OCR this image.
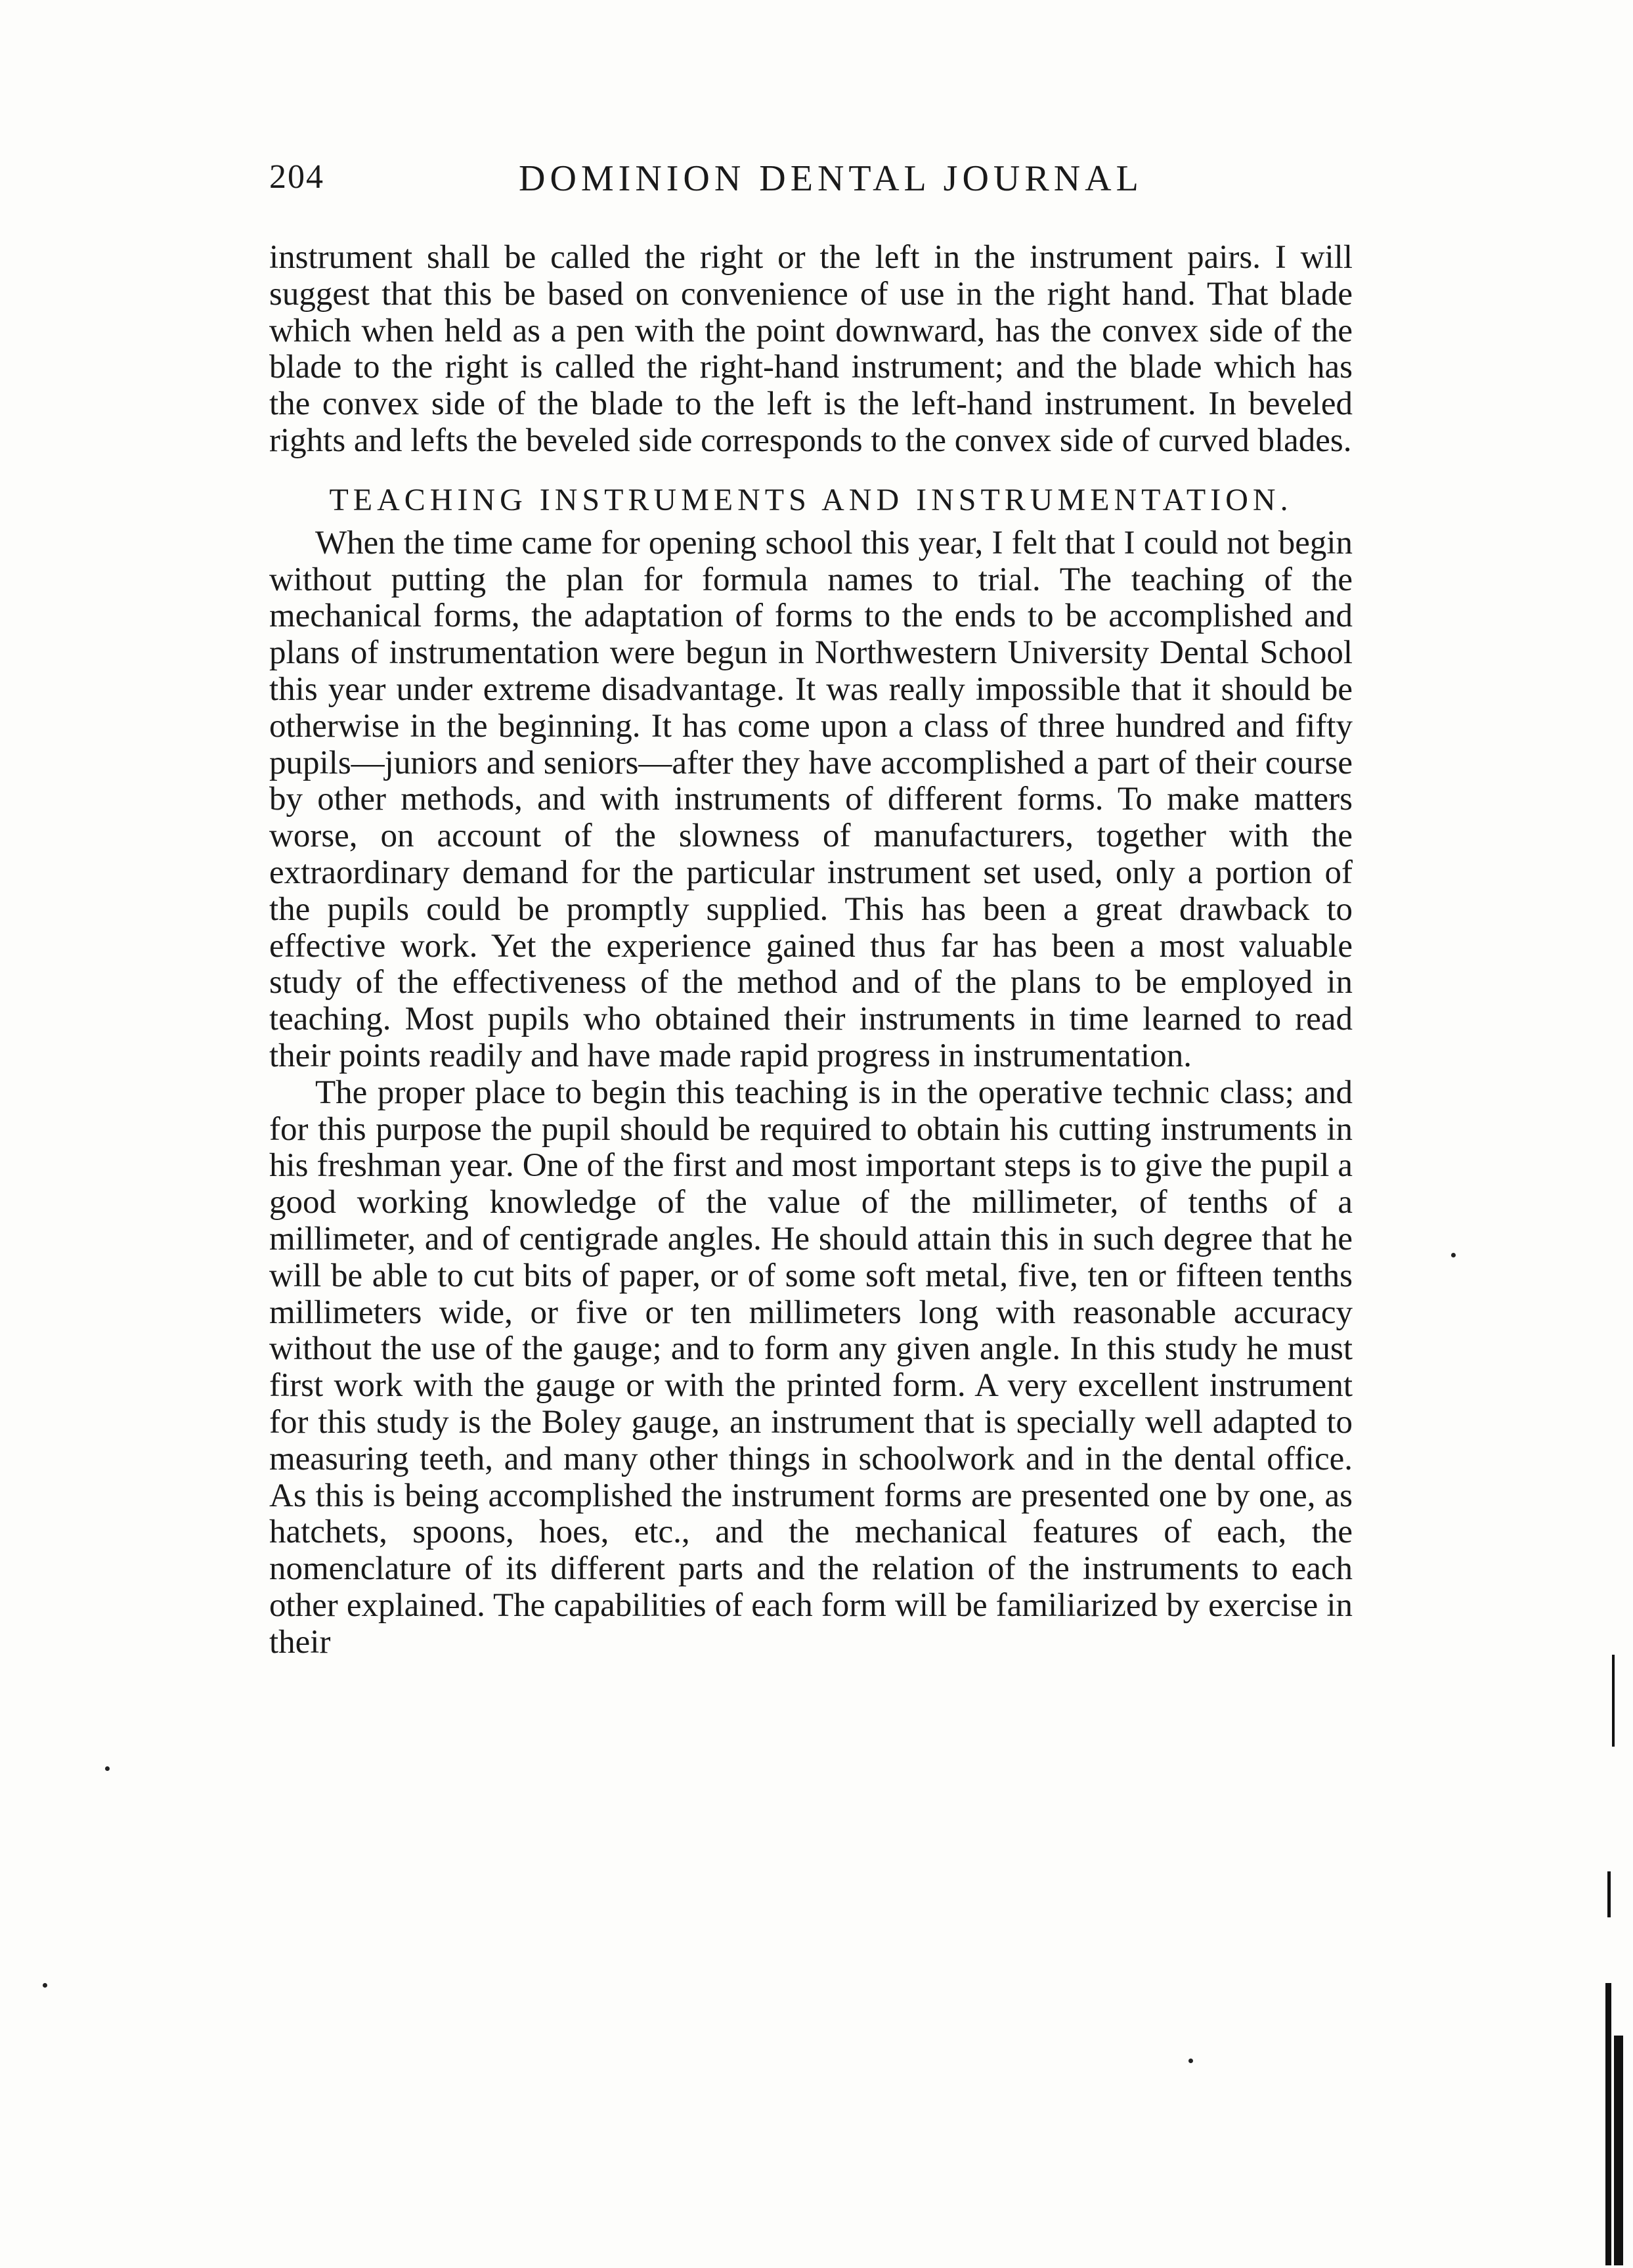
204	DOMINION DENTAL JOURNAL

instrument shall be called the right or the left in the instrument pairs. I will suggest that this be based on convenience of use in the right hand. That blade which when held as a pen with the point downward, has the convex side of the blade to the right is called the right-hand instrument; and the blade which has the convex side of the blade to the left is the left-hand instrument. In beveled rights and lefts the beveled side corresponds to the convex side of curved blades.

TEACHING INSTRUMENTS AND INSTRUMENTATION.

When the time came for opening school this year, I felt that I could not begin without putting the plan for formula names to trial. The teaching of the mechanical forms, the adaptation of forms to the ends to be accomplished and plans of instrumentation were begun in Northwestern University Dental School this year under extreme disadvantage. It was really impossible that it should be otherwise in the beginning. It has come upon a class of three hundred and fifty pupils—juniors and seniors—after they have accomplished a part of their course by other methods, and with instruments of different forms. To make matters worse, on account of the slowness of manufacturers, together with the extraordinary demand for the particular instrument set used, only a portion of the pupils could be promptly supplied. This has been a great drawback to effective work. Yet the experience gained thus far has been a most valuable study of the effectiveness of the method and of the plans to be employed in teaching. Most pupils who obtained their instruments in time learned to read their points readily and have made rapid progress in instrumentation.

The proper place to begin this teaching is in the operative technic class; and for this purpose the pupil should be required to obtain his cutting instruments in his freshman year. One of the first and most important steps is to give the pupil a good working knowledge of the value of the millimeter, of tenths of a millimeter, and of centigrade angles. He should attain this in such degree that he will be able to cut bits of paper, or of some soft metal, five, ten or fifteen tenths millimeters wide, or five or ten millimeters long with reasonable accuracy without the use of the gauge; and to form any given angle. In this study he must first work with the gauge or with the printed form. A very excellent instrument for this study is the Boley gauge, an instrument that is specially well adapted to measuring teeth, and many other things in schoolwork and in the dental office. As this is being accomplished the instrument forms are presented one by one, as hatchets, spoons, hoes, etc., and the mechanical features of each, the nomenclature of its different parts and the relation of the instruments to each other explained. The capabilities of each form will be familiarized by exercise in their
